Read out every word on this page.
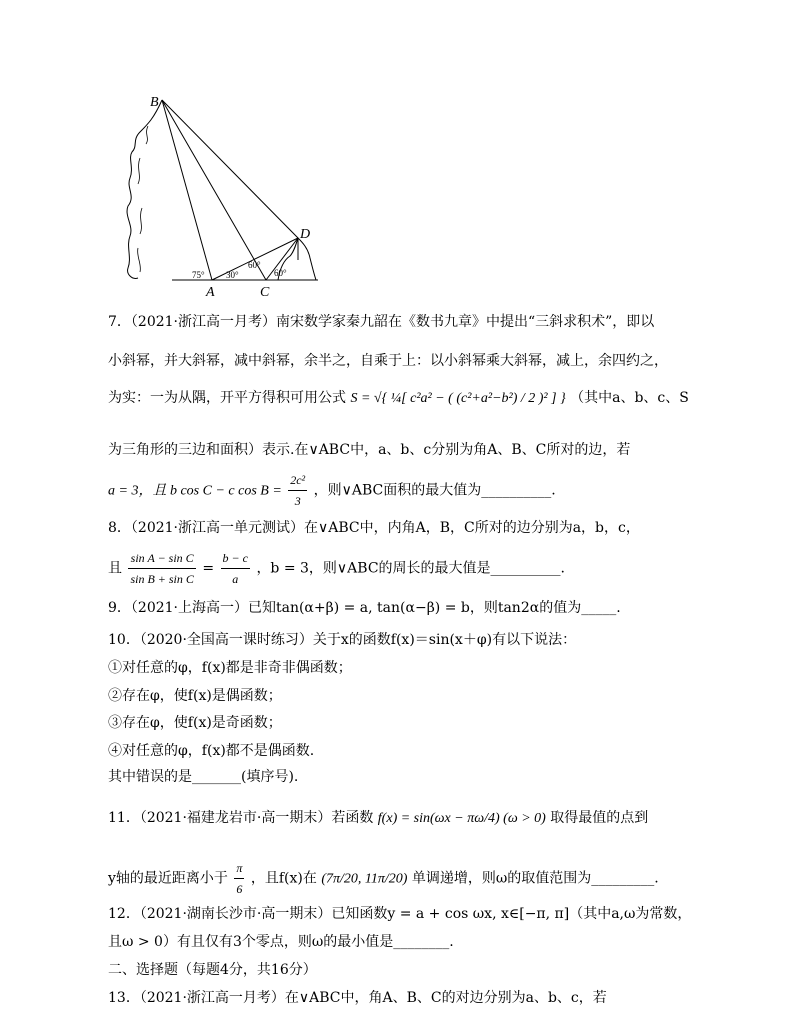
B
D
A	C
75° 30°
60°
60°
7．（2021·浙江高一月考）南宋数学家秦九韶在《数书九章》中提出“三斜求积术”，即以
小斜幂，并大斜幂，减中斜幂，余半之，自乘于上：以小斜幂乘大斜幂，减上，余四约之，
为实：一为从隅，开平方得积可用公式 S = √{ ¼[ c²a² − ( (c²+a²−b²) / 2 )² ] } （其中a、b、c、S
为三角形的三边和面积）表示.在∨ABC中，a、b、c分别为角A、B、C所对的边，若
a = 3，且 b cos C − c $\cos B = \frac{\text{2c²}}{3}$ ，则∨ABC面积的最大值为__________.
8．（2021·浙江高一单元测试）在∨ABC中，内角A，B，C所对的边分别为a，b，c，
且 $\frac{\text{sin A − sin C}}{\text{sin B + sin C}} = \frac{b - c}{a}$ ，b = 3，则∨ABC的周长的最大值是__________.
9．（2021·上海高一）已知tan(α+β) = a, tan(α−β) = b，则tan2α的值为_____.
10．（2020·全国高一课时练习）关于x的函数f(x)＝sin(x＋φ)有以下说法：
①对任意的φ，f(x)都是非奇非偶函数；
②存在φ，使f(x)是偶函数；
③存在φ，使f(x)是奇函数；
④对任意的φ，f(x)都不是偶函数.
其中错误的是_______(填序号).
11．（2021·福建龙岩市·高一期末）若函数 f(x) = sin(ωx − πω/4) (ω > 0) 取得最值的点到
y轴的最近距离小于 $\frac{\pi}{6}$ ，且f(x)在 (7π/20, 11π/20) 单调递增，则ω的取值范围为_________.
12．（2021·湖南长沙市·高一期末）已知函数y = a + cos ωx, x∈[−π, π]（其中a,ω为常数，
且ω > 0）有且仅有3个零点，则ω的最小值是________.
二、选择题（每题4分，共16分）
13．（2021·浙江高一月考）在∨ABC中，角A、B、C的对边分别为a、b、c，若
